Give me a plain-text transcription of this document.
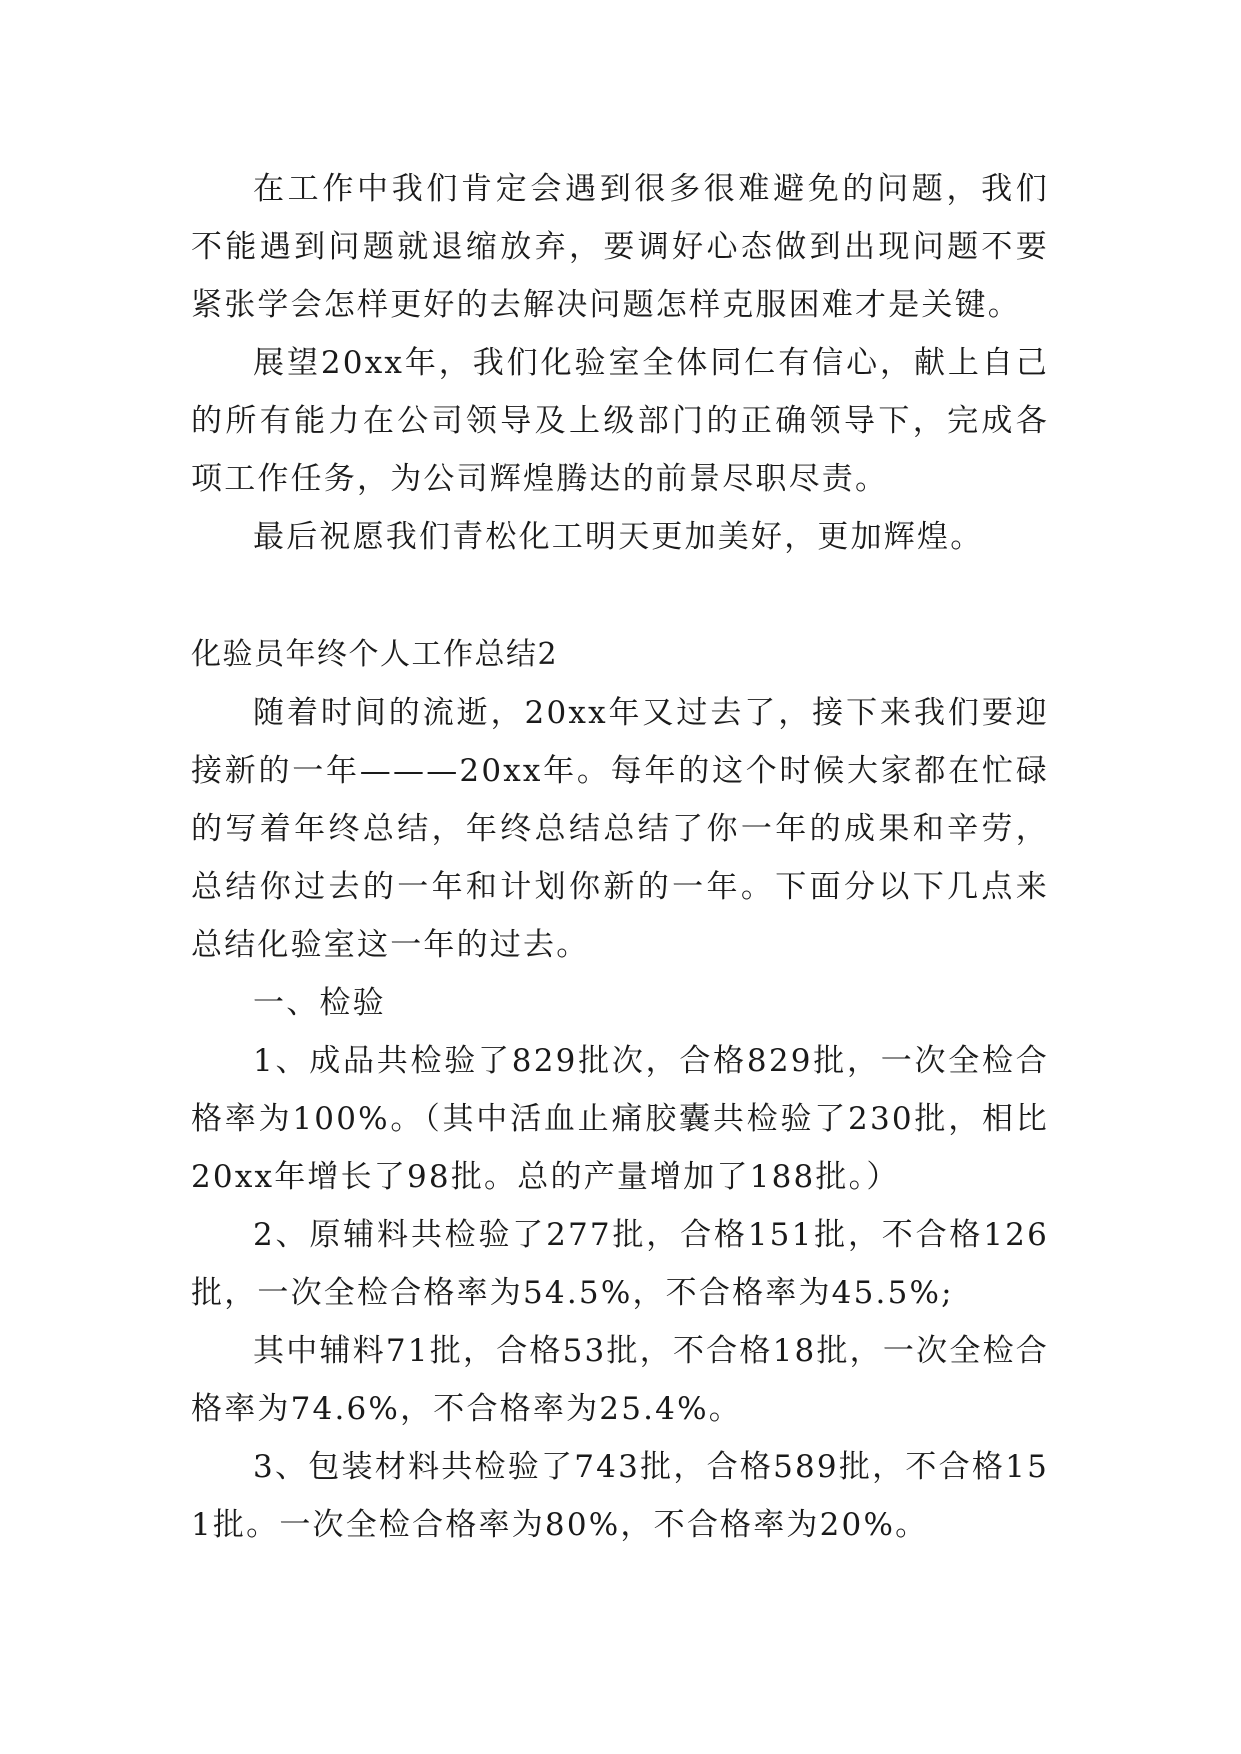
在工作中我们肯定会遇到很多很难避免的问题，我们不能遇到问题就退缩放弃，要调好心态做到出现问题不要紧张学会怎样更好的去解决问题怎样克服困难才是关键。

展望20xx年，我们化验室全体同仁有信心，献上自己的所有能力在公司领导及上级部门的正确领导下，完成各项工作任务，为公司辉煌腾达的前景尽职尽责。

最后祝愿我们青松化工明天更加美好，更加辉煌。

化验员年终个人工作总结2

随着时间的流逝，20xx年又过去了，接下来我们要迎接新的一年———20xx年。每年的这个时候大家都在忙碌的写着年终总结，年终总结总结了你一年的成果和辛劳，总结你过去的一年和计划你新的一年。下面分以下几点来总结化验室这一年的过去。

一、检验

1、成品共检验了829批次，合格829批，一次全检合格率为100%。（其中活血止痛胶囊共检验了230批，相比20xx年增长了98批。总的产量增加了188批。）

2、原辅料共检验了277批，合格151批，不合格126批，一次全检合格率为54.5%，不合格率为45.5%;

其中辅料71批，合格53批，不合格18批，一次全检合格率为74.6%，不合格率为25.4%。

3、包装材料共检验了743批，合格589批，不合格151批。一次全检合格率为80%，不合格率为20%。
